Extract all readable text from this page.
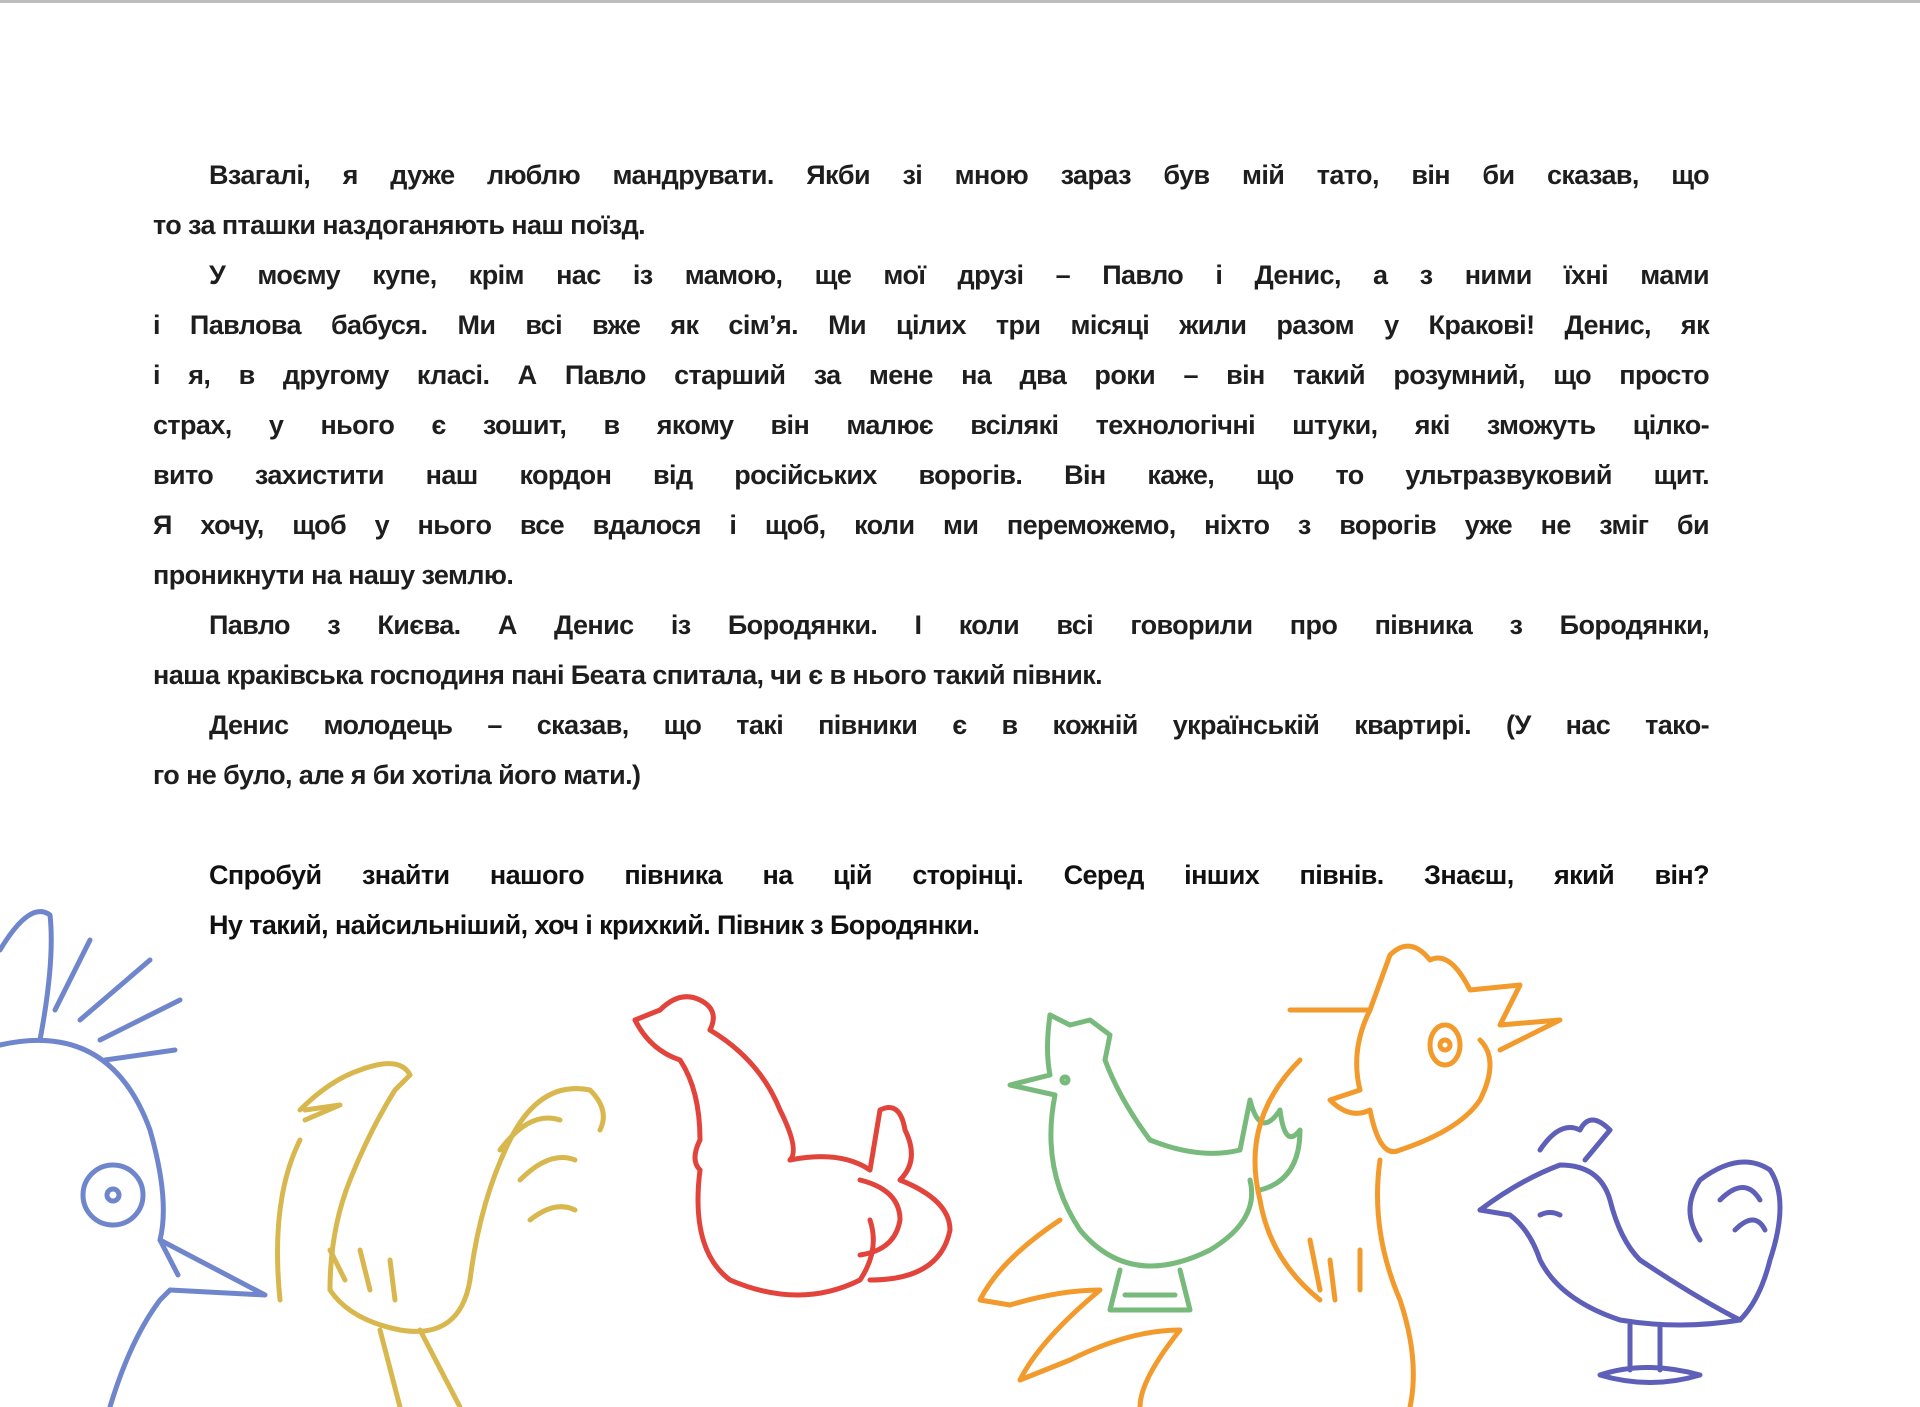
Взагалі, я дуже люблю мандрувати. Якби зі мною зараз був мій тато, він би сказав, що
то за пташки наздоганяють наш поїзд.
У моєму купе, крім нас із мамою, ще мої друзі – Павло і Денис, а з ними їхні мами
і Павлова бабуся. Ми всі вже як сім’я. Ми цілих три місяці жили разом у Кракові! Денис, як
і я, в другому класі. А Павло старший за мене на два роки – він такий розумний, що просто
страх, у нього є зошит, в якому він малює всілякі технологічні штуки, які зможуть цілко-
вито захистити наш кордон від російських ворогів. Він каже, що то ультразвуковий щит.
Я хочу, щоб у нього все вдалося і щоб, коли ми переможемо, ніхто з ворогів уже не зміг би
проникнути на нашу землю.
Павло з Києва. А Денис із Бородянки. І коли всі говорили про півника з Бородянки,
наша краківська господиня пані Беата спитала, чи є в нього такий півник.
Денис молодець – сказав, що такі півники є в кожній українській квартирі. (У нас тако-
го не було, але я би хотіла його мати.)
Спробуй знайти нашого півника на цій сторінці. Серед інших півнів. Знаєш, який він?
Ну такий, найсильніший, хоч і крихкий. Півник з Бородянки.
